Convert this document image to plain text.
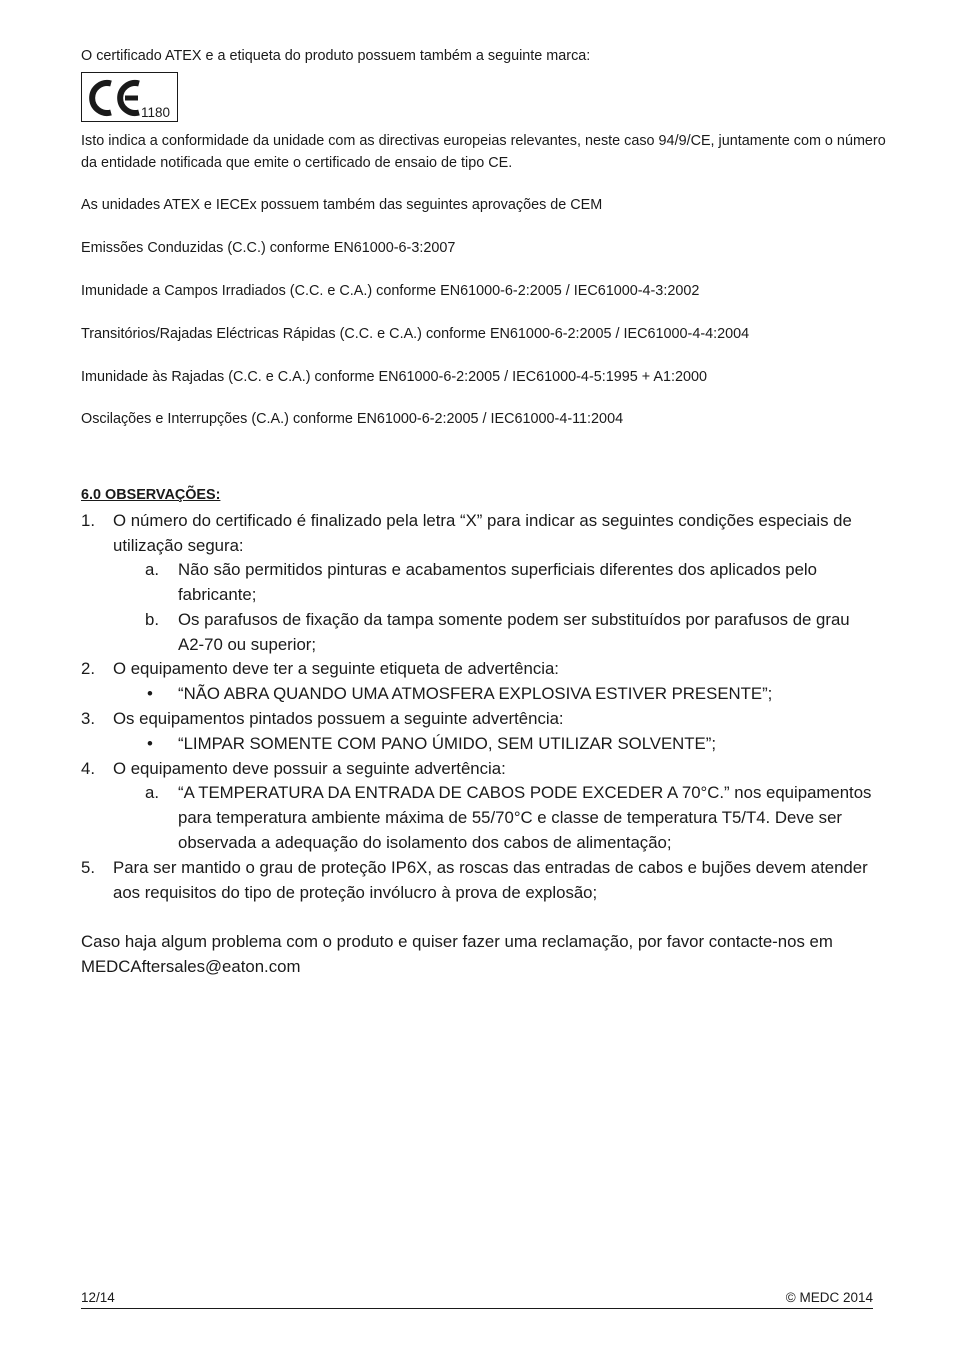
O certificado ATEX e a etiqueta do produto possuem também a seguinte marca:

1180

Isto indica a conformidade da unidade com as directivas europeias relevantes, neste caso 94/9/CE, juntamente com o número da entidade notificada que emite o certificado de ensaio de tipo CE.

As unidades ATEX e IECEx possuem também das seguintes aprovações de CEM

Emissões Conduzidas (C.C.) conforme EN61000-6-3:2007

Imunidade a Campos Irradiados (C.C. e C.A.) conforme EN61000-6-2:2005 / IEC61000-4-3:2002

Transitórios/Rajadas Eléctricas Rápidas (C.C. e C.A.) conforme EN61000-6-2:2005 / IEC61000-4-4:2004

Imunidade às Rajadas (C.C. e C.A.) conforme EN61000-6-2:2005 / IEC61000-4-5:1995 + A1:2000

Oscilações e Interrupções (C.A.) conforme EN61000-6-2:2005 / IEC61000-4-11:2004

6.0 OBSERVAÇÕES:

1. O número do certificado é finalizado pela letra “X” para indicar as seguintes condições especiais de utilização segura:
a. Não são permitidos pinturas e acabamentos superficiais diferentes dos aplicados pelo fabricante;
b. Os parafusos de fixação da tampa somente podem ser substituídos por parafusos de grau A2-70 ou superior;
2. O equipamento deve ter a seguinte etiqueta de advertência:
• “NÃO ABRA QUANDO UMA ATMOSFERA EXPLOSIVA ESTIVER PRESENTE”;
3. Os equipamentos pintados possuem a seguinte advertência:
• “LIMPAR SOMENTE COM PANO ÚMIDO, SEM UTILIZAR SOLVENTE”;
4. O equipamento deve possuir a seguinte advertência:
a. “A TEMPERATURA DA ENTRADA DE CABOS PODE EXCEDER A 70°C.” nos equipamentos para temperatura ambiente máxima de 55/70°C e classe de temperatura T5/T4. Deve ser observada a adequação do isolamento dos cabos de alimentação;
5. Para ser mantido o grau de proteção IP6X, as roscas das entradas de cabos e bujões devem atender aos requisitos do tipo de proteção invólucro à prova de explosão;

Caso haja algum problema com o produto e quiser fazer uma reclamação, por favor contacte-nos em

MEDCAftersales@eaton.com

12/14	© MEDC 2014
